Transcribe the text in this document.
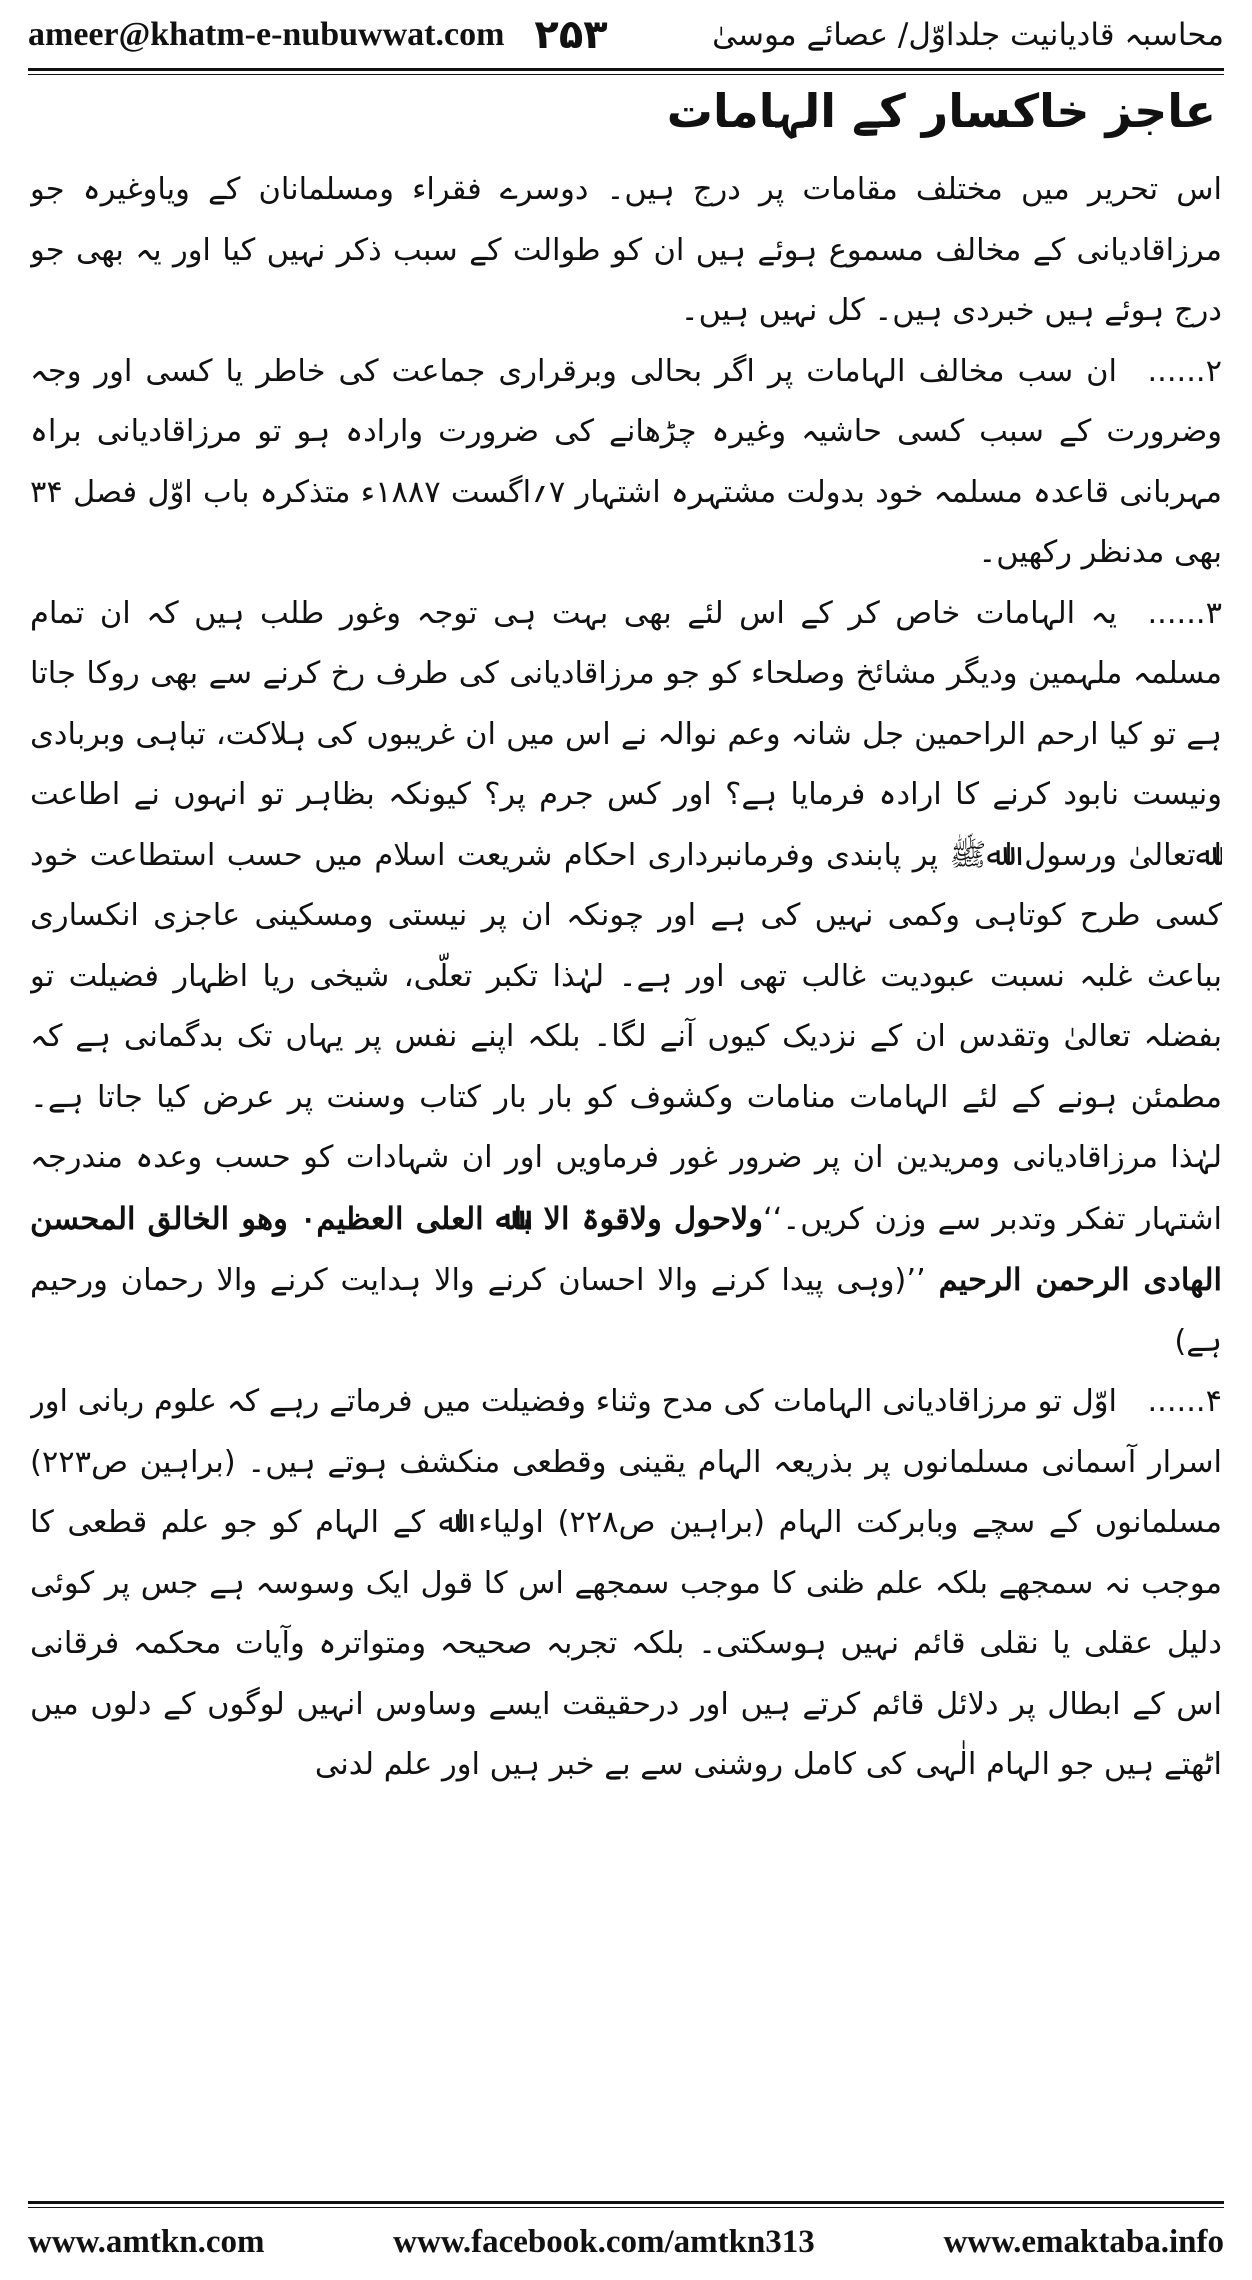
ameer@khatm-e-nubuwwat.com ۲۵۳	محاسبہ قادیانیت جلداوّل/ عصائے موسیٰ
عاجز خاکسار کے الہامات

اس تحریر میں مختلف مقامات پر درج ہیں۔ دوسرے فقراء ومسلمانان کے ویاوغیرہ جو مرزاقادیانی کے مخالف مسموع ہوئے ہیں ان کو طوالت کے سبب ذکر نہیں کیا اور یہ بھی جو درج ہوئے ہیں خبردی ہیں۔ کل نہیں ہیں۔

۲......ان سب مخالف الہامات پر اگر بحالی وبرقراری جماعت کی خاطر یا کسی اور وجہ وضرورت کے سبب کسی حاشیہ وغیرہ چڑھانے کی ضرورت وارادہ ہو تو مرزاقادیانی براہ مہربانی قاعدہ مسلمہ خود بدولت مشتہرہ اشتہار ۷؍اگست ۱۸۸۷ء متذکرہ باب اوّل فصل ۳۴ بھی مدنظر رکھیں۔

۳......یہ الہامات خاص کر کے اس لئے بھی بہت ہی توجہ وغور طلب ہیں کہ ان تمام مسلمہ ملہمین ودیگر مشائخ وصلحاء کو جو مرزاقادیانی کی طرف رخ کرنے سے بھی روکا جاتا ہے تو کیا ارحم الراحمین جل شانہ وعم نوالہ نے اس میں ان غریبوں کی ہلاکت، تباہی وبربادی ونیست نابود کرنے کا ارادہ فرمایا ہے؟ اور کس جرم پر؟ کیونکہ بظاہر تو انہوں نے اطاعت اﷲتعالیٰ ورسول اﷲﷺ پر پابندی وفرمانبرداری احکام شریعت اسلام میں حسب استطاعت خود کسی طرح کوتاہی وکمی نہیں کی ہے اور چونکہ ان پر نیستی ومسکینی عاجزی انکساری بباعث غلبہ نسبت عبودیت غالب تھی اور ہے۔ لہٰذا تکبر تعلّی، شیخی ریا اظہار فضیلت تو بفضلہ تعالیٰ وتقدس ان کے نزدیک کیوں آنے لگا۔ بلکہ اپنے نفس پر یہاں تک بدگمانی ہے کہ مطمئن ہونے کے لئے الہامات منامات وکشوف کو بار بار کتاب وسنت پر عرض کیا جاتا ہے۔ لہٰذا مرزاقادیانی ومریدین ان پر ضرور غور فرماویں اور ان شہادات کو حسب وعدہ مندرجہ اشتہار تفکر وتدبر سے وزن کریں۔‘‘ولاحول ولاقوۃ الا باﷲ العلی العظیم۰ وھو الخالق المحسن الھادی الرحمن الرحیم ’’(وہی پیدا کرنے والا احسان کرنے والا ہدایت کرنے والا رحمان ورحیم ہے)

۴......اوّل تو مرزاقادیانی الہامات کی مدح وثناء وفضیلت میں فرماتے رہے کہ علوم ربانی اور اسرار آسمانی مسلمانوں پر بذریعہ الہام یقینی وقطعی منکشف ہوتے ہیں۔ (براہین ص۲۲۳) مسلمانوں کے سچے وبابرکت الہام (براہین ص۲۲۸) اولیاء اﷲ کے الہام کو جو علم قطعی کا موجب نہ سمجھے بلکہ علم ظنی کا موجب سمجھے اس کا قول ایک وسوسہ ہے جس پر کوئی دلیل عقلی یا نقلی قائم نہیں ہوسکتی۔ بلکہ تجربہ صحیحہ ومتواترہ وآیات محکمہ فرقانی اس کے ابطال پر دلائل قائم کرتے ہیں اور درحقیقت ایسے وساوس انہیں لوگوں کے دلوں میں اٹھتے ہیں جو الہام الٰہی کی کامل روشنی سے بے خبر ہیں اور علم لدنی

www.amtkn.com	www.facebook.com/amtkn313	www.emaktaba.info
